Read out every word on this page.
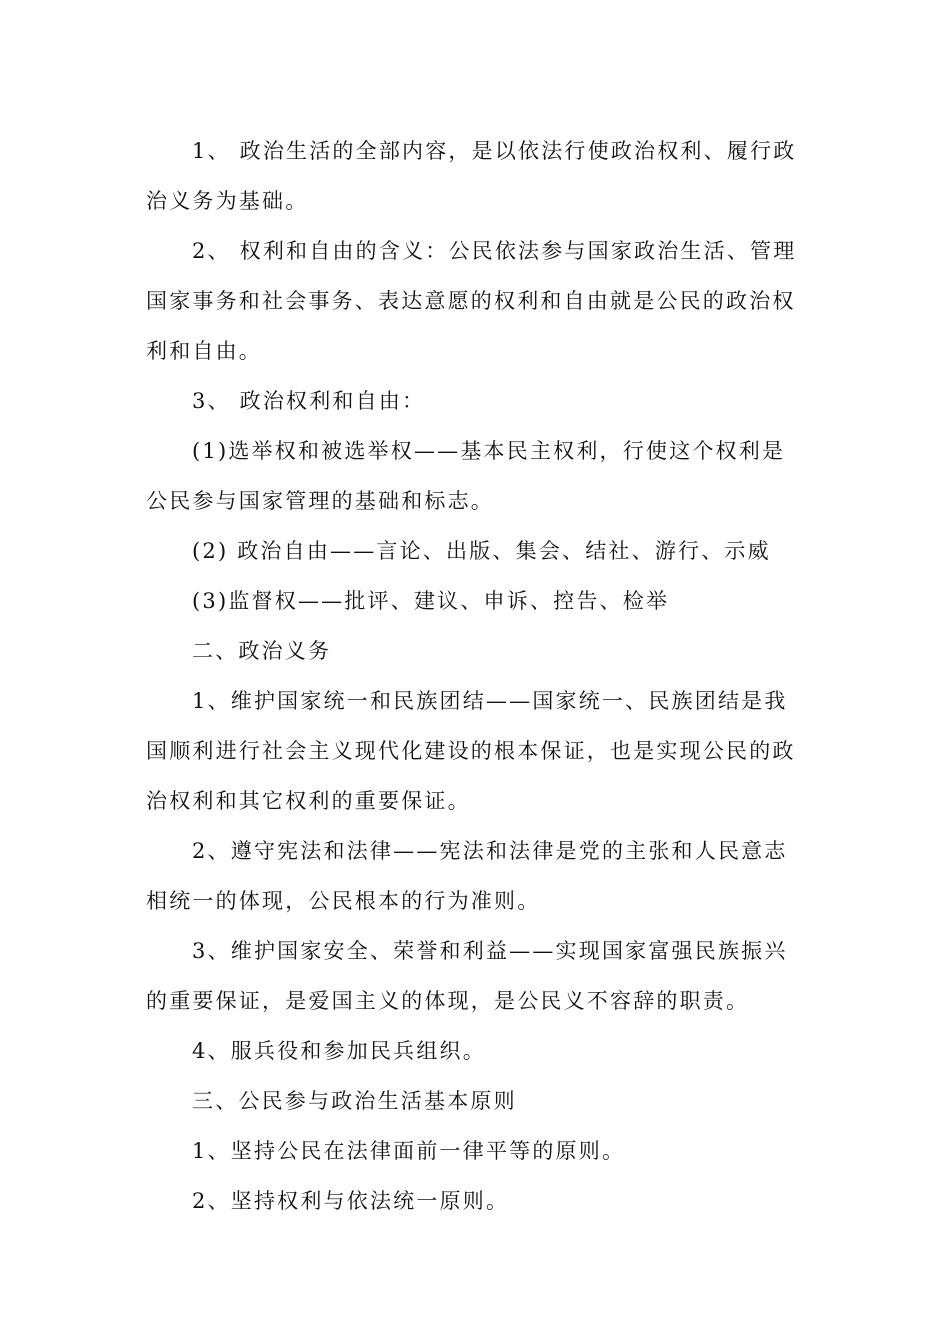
1、 政治生活的全部内容，是以依法行使政治权利、履行政治义务为基础。

2、 权利和自由的含义：公民依法参与国家政治生活、管理国家事务和社会事务、表达意愿的权利和自由就是公民的政治权利和自由。

3、 政治权利和自由：

(1)选举权和被选举权——基本民主权利，行使这个权利是公民参与国家管理的基础和标志。

(2) 政治自由——言论、出版、集会、结社、游行、示威

(3)监督权——批评、建议、申诉、控告、检举

二、政治义务

1、维护国家统一和民族团结——国家统一、民族团结是我国顺利进行社会主义现代化建设的根本保证，也是实现公民的政治权利和其它权利的重要保证。

2、遵守宪法和法律——宪法和法律是党的主张和人民意志相统一的体现，公民根本的行为准则。

3、维护国家安全、荣誉和利益——实现国家富强民族振兴的重要保证，是爱国主义的体现，是公民义不容辞的职责。

4、服兵役和参加民兵组织。

三、公民参与政治生活基本原则

1、坚持公民在法律面前一律平等的原则。

2、坚持权利与依法统一原则。
